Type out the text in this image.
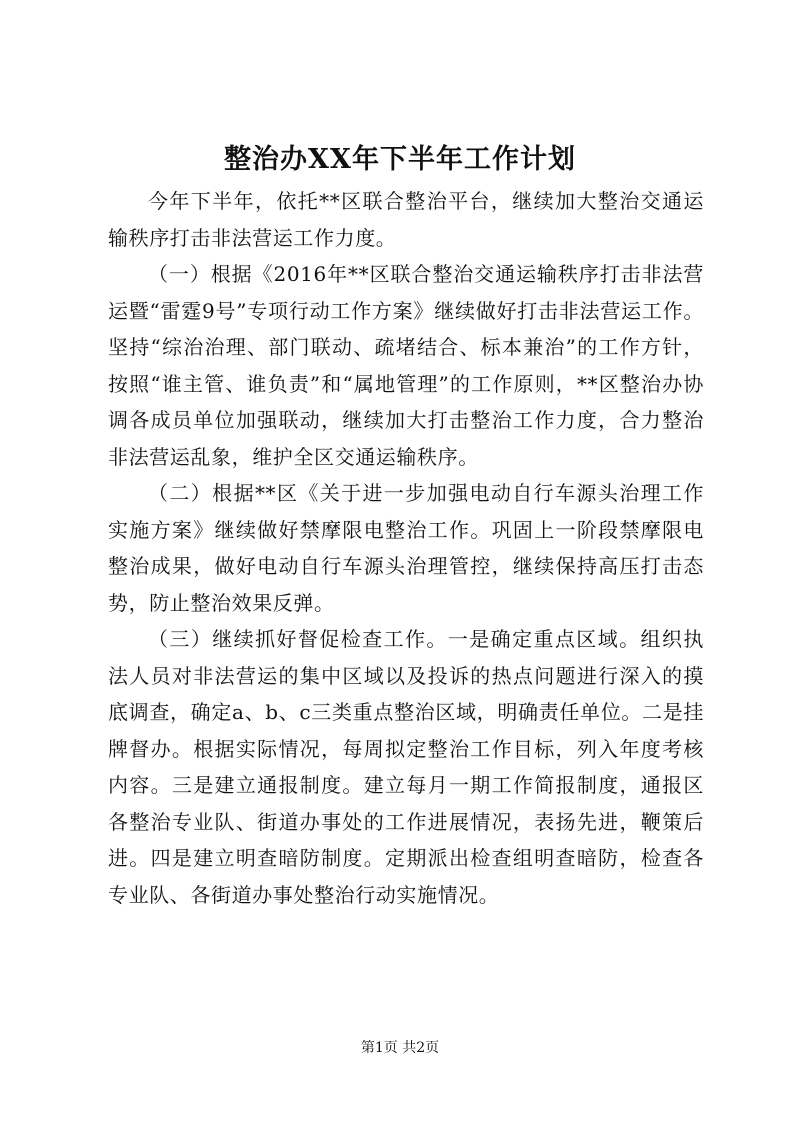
整治办XX年下半年工作计划

今年下半年，依托**区联合整治平台，继续加大整治交通运输秩序打击非法营运工作力度。

（一）根据《2016年**区联合整治交通运输秩序打击非法营运暨“雷霆9号”专项行动工作方案》继续做好打击非法营运工作。坚持“综治治理、部门联动、疏堵结合、标本兼治”的工作方针，按照“谁主管、谁负责”和“属地管理”的工作原则，**区整治办协调各成员单位加强联动，继续加大打击整治工作力度，合力整治非法营运乱象，维护全区交通运输秩序。

（二）根据**区《关于进一步加强电动自行车源头治理工作实施方案》继续做好禁摩限电整治工作。巩固上一阶段禁摩限电整治成果，做好电动自行车源头治理管控，继续保持高压打击态势，防止整治效果反弹。

（三）继续抓好督促检查工作。一是确定重点区域。组织执法人员对非法营运的集中区域以及投诉的热点问题进行深入的摸底调查，确定a、b、c三类重点整治区域，明确责任单位。二是挂牌督办。根据实际情况，每周拟定整治工作目标，列入年度考核内容。三是建立通报制度。建立每月一期工作简报制度，通报区各整治专业队、街道办事处的工作进展情况，表扬先进，鞭策后进。四是建立明查暗防制度。定期派出检查组明查暗防，检查各专业队、各街道办事处整治行动实施情况。

第1页 共2页
